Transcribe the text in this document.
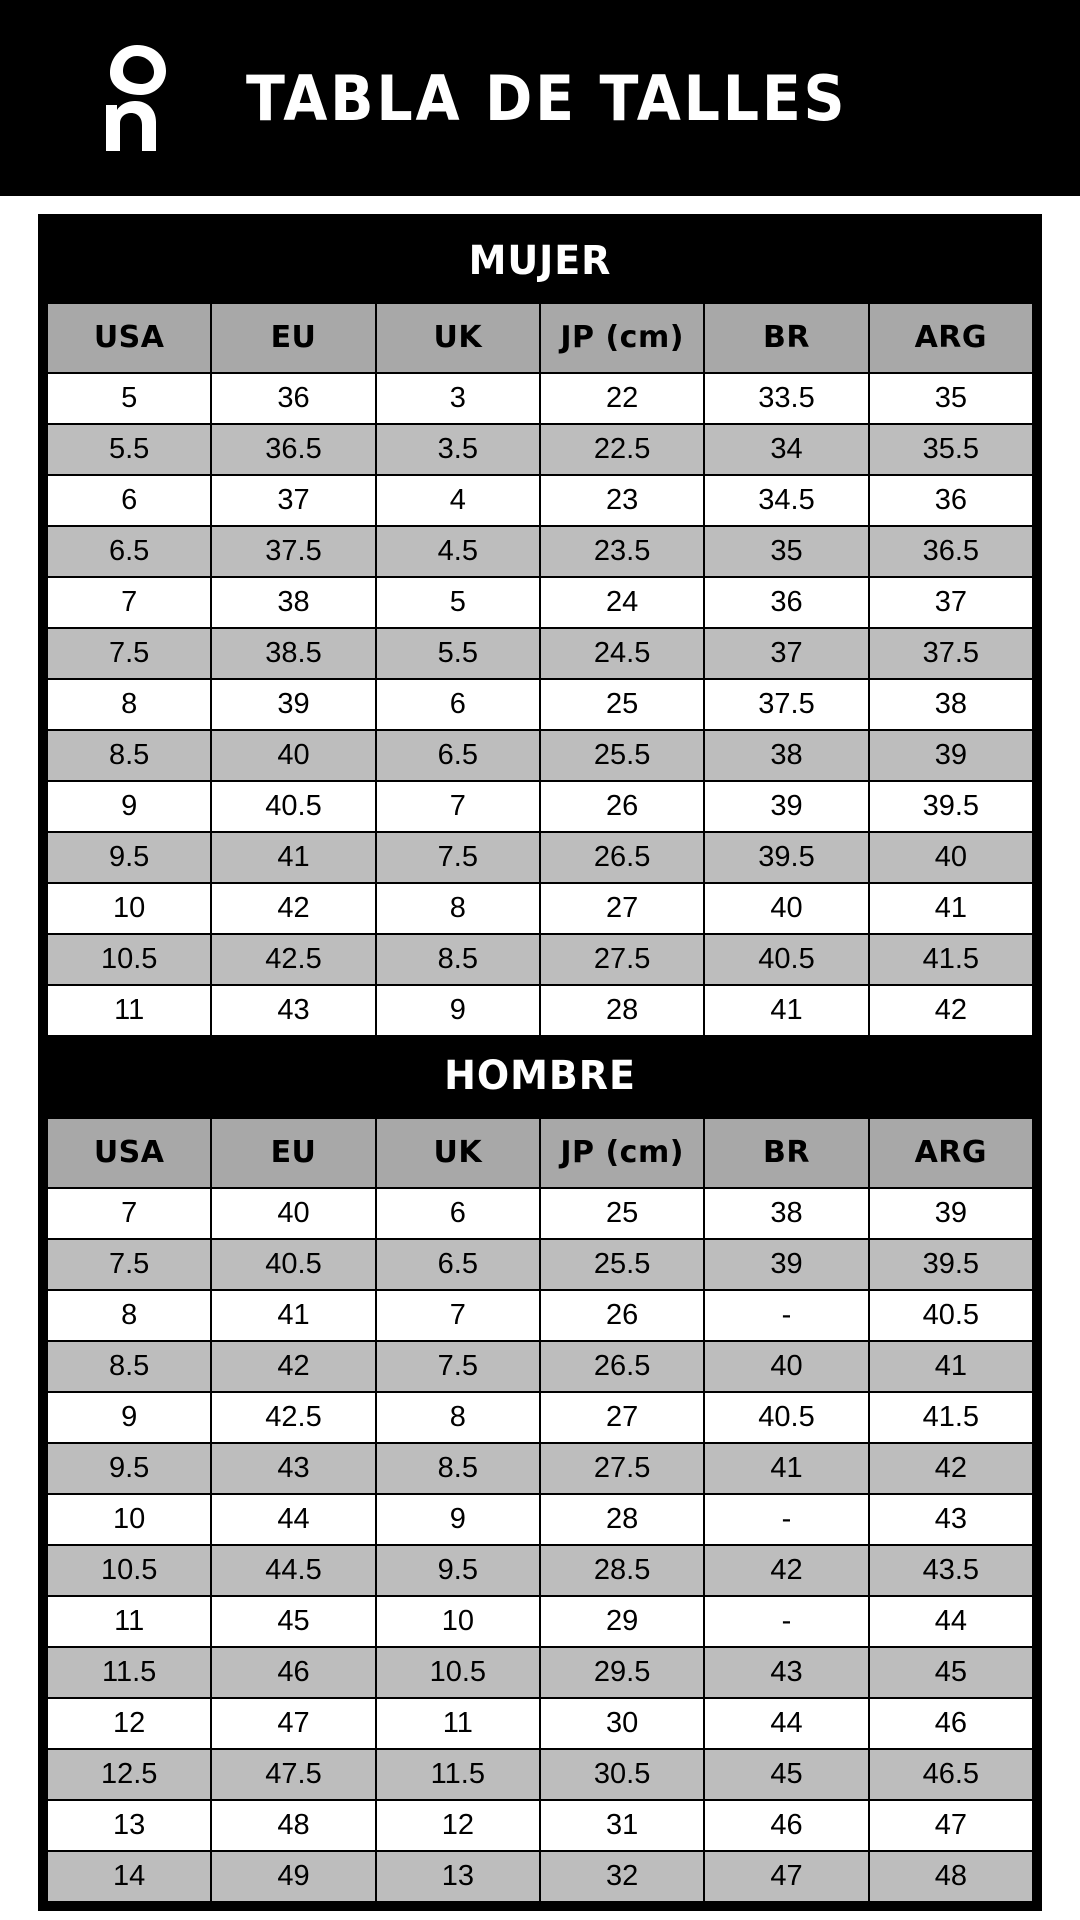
TABLA DE TALLES
MUJER
USA	EU	UK	JP (cm)	BR	ARG
5	36	3	22	33.5	35
5.5	36.5	3.5	22.5	34	35.5
6	37	4	23	34.5	36
6.5	37.5	4.5	23.5	35	36.5
7	38	5	24	36	37
7.5	38.5	5.5	24.5	37	37.5
8	39	6	25	37.5	38
8.5	40	6.5	25.5	38	39
9	40.5	7	26	39	39.5
9.5	41	7.5	26.5	39.5	40
10	42	8	27	40	41
10.5	42.5	8.5	27.5	40.5	41.5
11	43	9	28	41	42
HOMBRE
USA	EU	UK	JP (cm)	BR	ARG
7	40	6	25	38	39
7.5	40.5	6.5	25.5	39	39.5
8	41	7	26	-	40.5
8.5	42	7.5	26.5	40	41
9	42.5	8	27	40.5	41.5
9.5	43	8.5	27.5	41	42
10	44	9	28	-	43
10.5	44.5	9.5	28.5	42	43.5
11	45	10	29	-	44
11.5	46	10.5	29.5	43	45
12	47	11	30	44	46
12.5	47.5	11.5	30.5	45	46.5
13	48	12	31	46	47
14	49	13	32	47	48
